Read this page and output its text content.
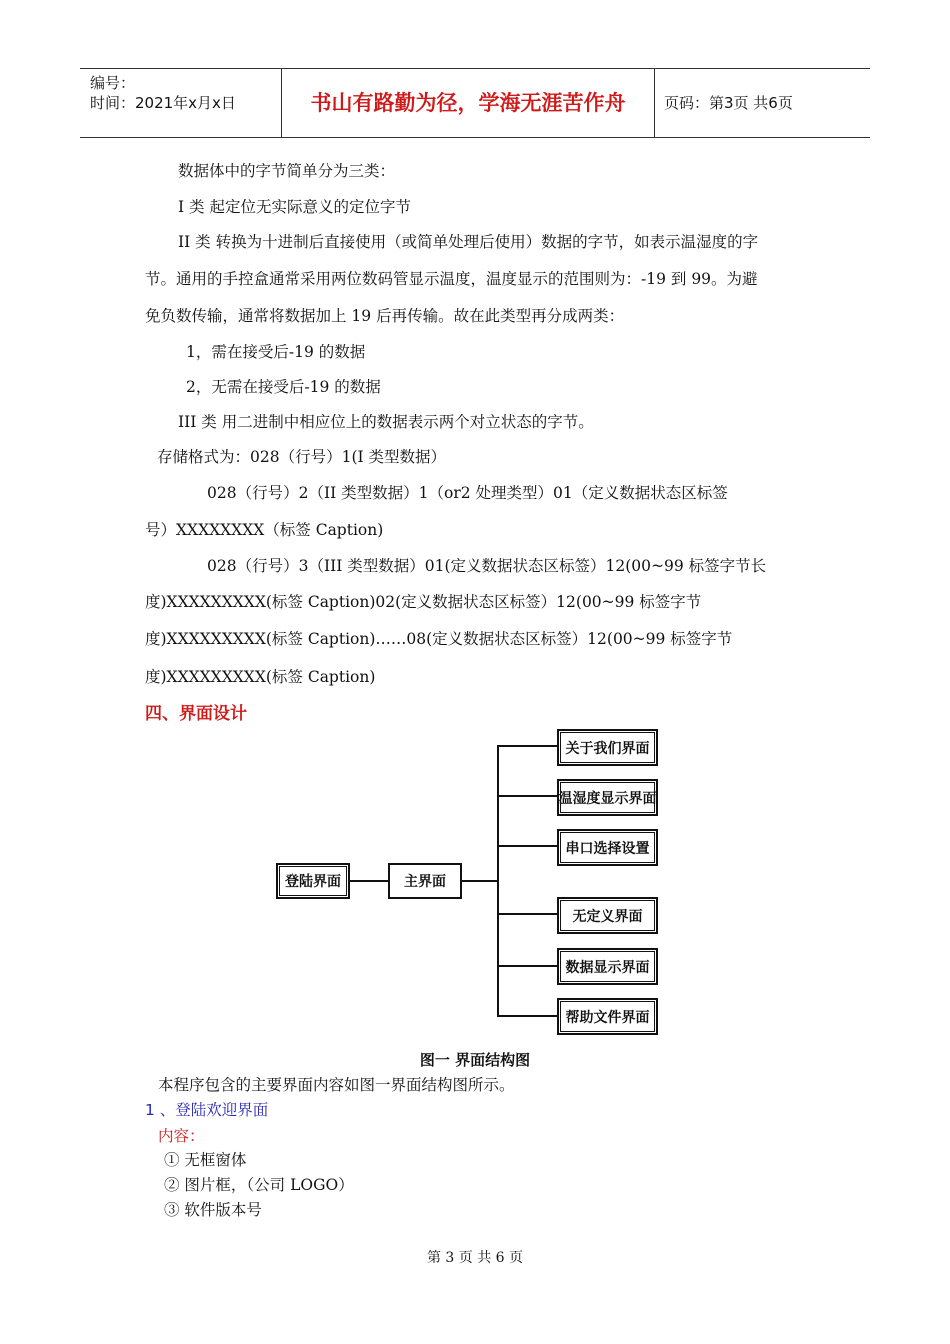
编号：
时间：2021年x月x日	书山有路勤为径，学海无涯苦作舟	页码：第3页 共6页
数据体中的字节简单分为三类：
I 类 起定位无实际意义的定位字节
II 类 转换为十进制后直接使用（或简单处理后使用）数据的字节，如表示温湿度的字
节。通用的手控盒通常采用两位数码管显示温度，温度显示的范围则为：-19 到 99。为避
免负数传输，通常将数据加上 19 后再传输。故在此类型再分成两类：
1，需在接受后-19 的数据
2，无需在接受后-19 的数据
III 类 用二进制中相应位上的数据表示两个对立状态的字节。
存储格式为：028（行号）1(I 类型数据）
028（行号）2（II 类型数据）1（or2 处理类型）01（定义数据状态区标签
号）XXXXXXXX（标签 Caption)
028（行号）3（III 类型数据）01(定义数据状态区标签）12(00~99 标签字节长
度)XXXXXXXXX(标签 Caption)02(定义数据状态区标签）12(00~99 标签字节
度)XXXXXXXXX(标签 Caption)……08(定义数据状态区标签）12(00~99 标签字节
度)XXXXXXXXX(标签 Caption)
四、界面设计
登陆界面	主界面
关于我们界面
温湿度显示界面
串口选择设置
无定义界面
数据显示界面
帮助文件界面
图一 界面结构图
本程序包含的主要界面内容如图一界面结构图所示。
1 、登陆欢迎界面
内容：
① 无框窗体
② 图片框，（公司 LOGO）
③ 软件版本号
第 3 页 共 6 页
